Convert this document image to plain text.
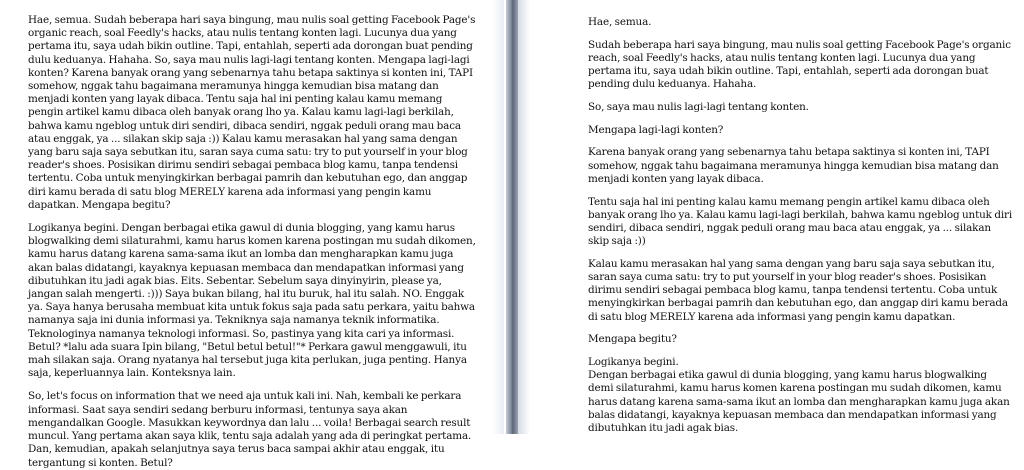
Hae, semua. Sudah beberapa hari saya bingung, mau nulis soal getting Facebook Page's organic reach, soal Feedly's hacks, atau nulis tentang konten lagi. Lucunya dua yang pertama itu, saya udah bikin outline. Tapi, entahlah, seperti ada dorongan buat pending dulu keduanya. Hahaha. So, saya mau nulis lagi-lagi tentang konten. Mengapa lagi-lagi konten? Karena banyak orang yang sebenarnya tahu betapa saktinya si konten ini, TAPI somehow, nggak tahu bagaimana meramunya hingga kemudian bisa matang dan menjadi konten yang layak dibaca. Tentu saja hal ini penting kalau kamu memang pengin artikel kamu dibaca oleh banyak orang lho ya. Kalau kamu lagi-lagi berkilah, bahwa kamu ngeblog untuk diri sendiri, dibaca sendiri, nggak peduli orang mau baca atau enggak, ya ... silakan skip saja :)) Kalau kamu merasakan hal yang sama dengan yang baru saja saya sebutkan itu, saran saya cuma satu: try to put yourself in your blog reader's shoes. Posisikan dirimu sendiri sebagai pembaca blog kamu, tanpa tendensi tertentu. Coba untuk menyingkirkan berbagai pamrih dan kebutuhan ego, dan anggap diri kamu berada di satu blog MERELY karena ada informasi yang pengin kamu dapatkan. Mengapa begitu?

Logikanya begini. Dengan berbagai etika gawul di dunia blogging, yang kamu harus blogwalking demi silaturahmi, kamu harus komen karena postingan mu sudah dikomen, kamu harus datang karena sama-sama ikut an lomba dan mengharapkan kamu juga akan balas didatangi, kayaknya kepuasan membaca dan mendapatkan informasi yang dibutuhkan itu jadi agak bias. Eits. Sebentar. Sebelum saya dinyinyirin, please ya, jangan salah mengerti. :))) Saya bukan bilang, hal itu buruk, hal itu salah. NO. Enggak ya. Saya hanya berusaha membuat kita untuk fokus saja pada satu perkara, yaitu bahwa namanya saja ini dunia informasi ya. Tekniknya saja namanya teknik informatika. Teknologinya namanya teknologi informasi. So, pastinya yang kita cari ya informasi. Betul? *lalu ada suara Ipin bilang, "Betul betul betul!"* Perkara gawul menggawuli, itu mah silakan saja. Orang nyatanya hal tersebut juga kita perlukan, juga penting. Hanya saja, keperluannya lain. Konteksnya lain.

So, let's focus on information that we need aja untuk kali ini. Nah, kembali ke perkara informasi. Saat saya sendiri sedang berburu informasi, tentunya saya akan mengandalkan Google. Masukkan keywordnya dan lalu ... voila! Berbagai search result muncul. Yang pertama akan saya klik, tentu saja adalah yang ada di peringkat pertama. Dan, kemudian, apakah selanjutnya saya terus baca sampai akhir atau enggak, itu tergantung si konten. Betul?

Hae, semua.

Sudah beberapa hari saya bingung, mau nulis soal getting Facebook Page's organic reach, soal Feedly's hacks, atau nulis tentang konten lagi. Lucunya dua yang pertama itu, saya udah bikin outline. Tapi, entahlah, seperti ada dorongan buat pending dulu keduanya. Hahaha.

So, saya mau nulis lagi-lagi tentang konten.

Mengapa lagi-lagi konten?

Karena banyak orang yang sebenarnya tahu betapa saktinya si konten ini, TAPI somehow, nggak tahu bagaimana meramunya hingga kemudian bisa matang dan menjadi konten yang layak dibaca.

Tentu saja hal ini penting kalau kamu memang pengin artikel kamu dibaca oleh banyak orang lho ya. Kalau kamu lagi-lagi berkilah, bahwa kamu ngeblog untuk diri sendiri, dibaca sendiri, nggak peduli orang mau baca atau enggak, ya ... silakan skip saja :))

Kalau kamu merasakan hal yang sama dengan yang baru saja saya sebutkan itu, saran saya cuma satu: try to put yourself in your blog reader's shoes. Posisikan dirimu sendiri sebagai pembaca blog kamu, tanpa tendensi tertentu. Coba untuk menyingkirkan berbagai pamrih dan kebutuhan ego, dan anggap diri kamu berada di satu blog MERELY karena ada informasi yang pengin kamu dapatkan.

Mengapa begitu?

Logikanya begini.
Dengan berbagai etika gawul di dunia blogging, yang kamu harus blogwalking demi silaturahmi, kamu harus komen karena postingan mu sudah dikomen, kamu harus datang karena sama-sama ikut an lomba dan mengharapkan kamu juga akan balas didatangi, kayaknya kepuasan membaca dan mendapatkan informasi yang dibutuhkan itu jadi agak bias.
